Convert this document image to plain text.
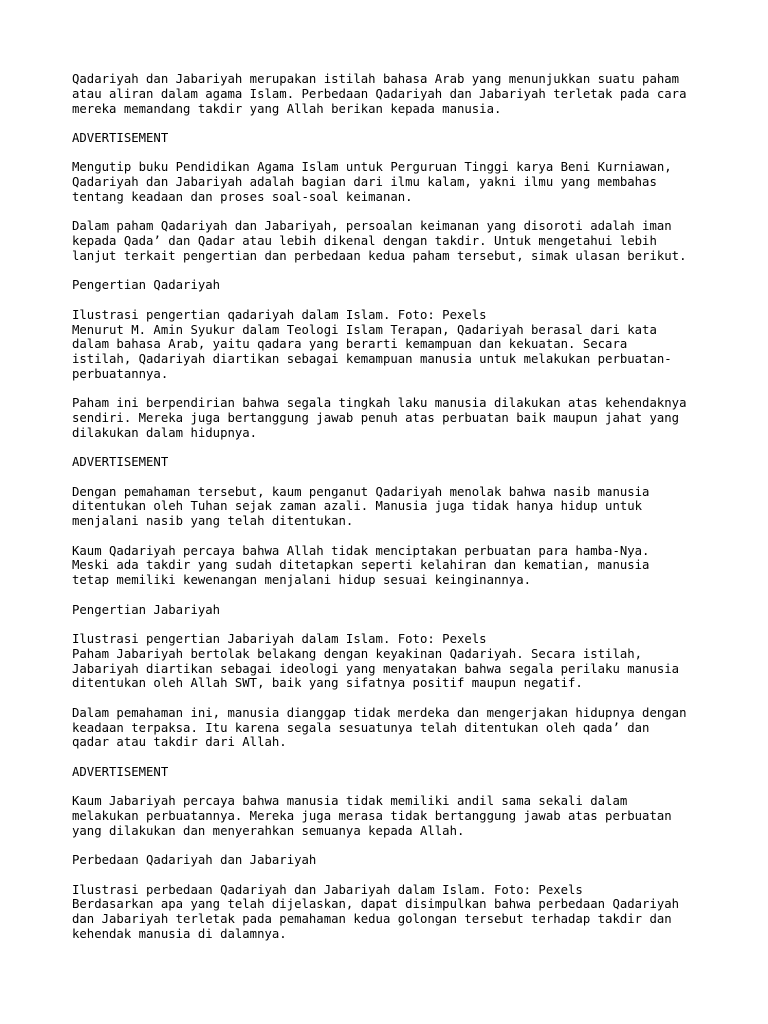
Qadariyah dan Jabariyah merupakan istilah bahasa Arab yang menunjukkan suatu paham
atau aliran dalam agama Islam. Perbedaan Qadariyah dan Jabariyah terletak pada cara
mereka memandang takdir yang Allah berikan kepada manusia.

ADVERTISEMENT

Mengutip buku Pendidikan Agama Islam untuk Perguruan Tinggi karya Beni Kurniawan,
Qadariyah dan Jabariyah adalah bagian dari ilmu kalam, yakni ilmu yang membahas
tentang keadaan dan proses soal-soal keimanan.

Dalam paham Qadariyah dan Jabariyah, persoalan keimanan yang disoroti adalah iman
kepada Qada’ dan Qadar atau lebih dikenal dengan takdir. Untuk mengetahui lebih
lanjut terkait pengertian dan perbedaan kedua paham tersebut, simak ulasan berikut.

Pengertian Qadariyah

Ilustrasi pengertian qadariyah dalam Islam. Foto: Pexels
Menurut M. Amin Syukur dalam Teologi Islam Terapan, Qadariyah berasal dari kata
dalam bahasa Arab, yaitu qadara yang berarti kemampuan dan kekuatan. Secara
istilah, Qadariyah diartikan sebagai kemampuan manusia untuk melakukan perbuatan-
perbuatannya.

Paham ini berpendirian bahwa segala tingkah laku manusia dilakukan atas kehendaknya
sendiri. Mereka juga bertanggung jawab penuh atas perbuatan baik maupun jahat yang
dilakukan dalam hidupnya.

ADVERTISEMENT

Dengan pemahaman tersebut, kaum penganut Qadariyah menolak bahwa nasib manusia
ditentukan oleh Tuhan sejak zaman azali. Manusia juga tidak hanya hidup untuk
menjalani nasib yang telah ditentukan.

Kaum Qadariyah percaya bahwa Allah tidak menciptakan perbuatan para hamba-Nya.
Meski ada takdir yang sudah ditetapkan seperti kelahiran dan kematian, manusia
tetap memiliki kewenangan menjalani hidup sesuai keinginannya.

Pengertian Jabariyah

Ilustrasi pengertian Jabariyah dalam Islam. Foto: Pexels
Paham Jabariyah bertolak belakang dengan keyakinan Qadariyah. Secara istilah,
Jabariyah diartikan sebagai ideologi yang menyatakan bahwa segala perilaku manusia
ditentukan oleh Allah SWT, baik yang sifatnya positif maupun negatif.

Dalam pemahaman ini, manusia dianggap tidak merdeka dan mengerjakan hidupnya dengan
keadaan terpaksa. Itu karena segala sesuatunya telah ditentukan oleh qada’ dan
qadar atau takdir dari Allah.

ADVERTISEMENT

Kaum Jabariyah percaya bahwa manusia tidak memiliki andil sama sekali dalam
melakukan perbuatannya. Mereka juga merasa tidak bertanggung jawab atas perbuatan
yang dilakukan dan menyerahkan semuanya kepada Allah.

Perbedaan Qadariyah dan Jabariyah

Ilustrasi perbedaan Qadariyah dan Jabariyah dalam Islam. Foto: Pexels
Berdasarkan apa yang telah dijelaskan, dapat disimpulkan bahwa perbedaan Qadariyah
dan Jabariyah terletak pada pemahaman kedua golongan tersebut terhadap takdir dan
kehendak manusia di dalamnya.
